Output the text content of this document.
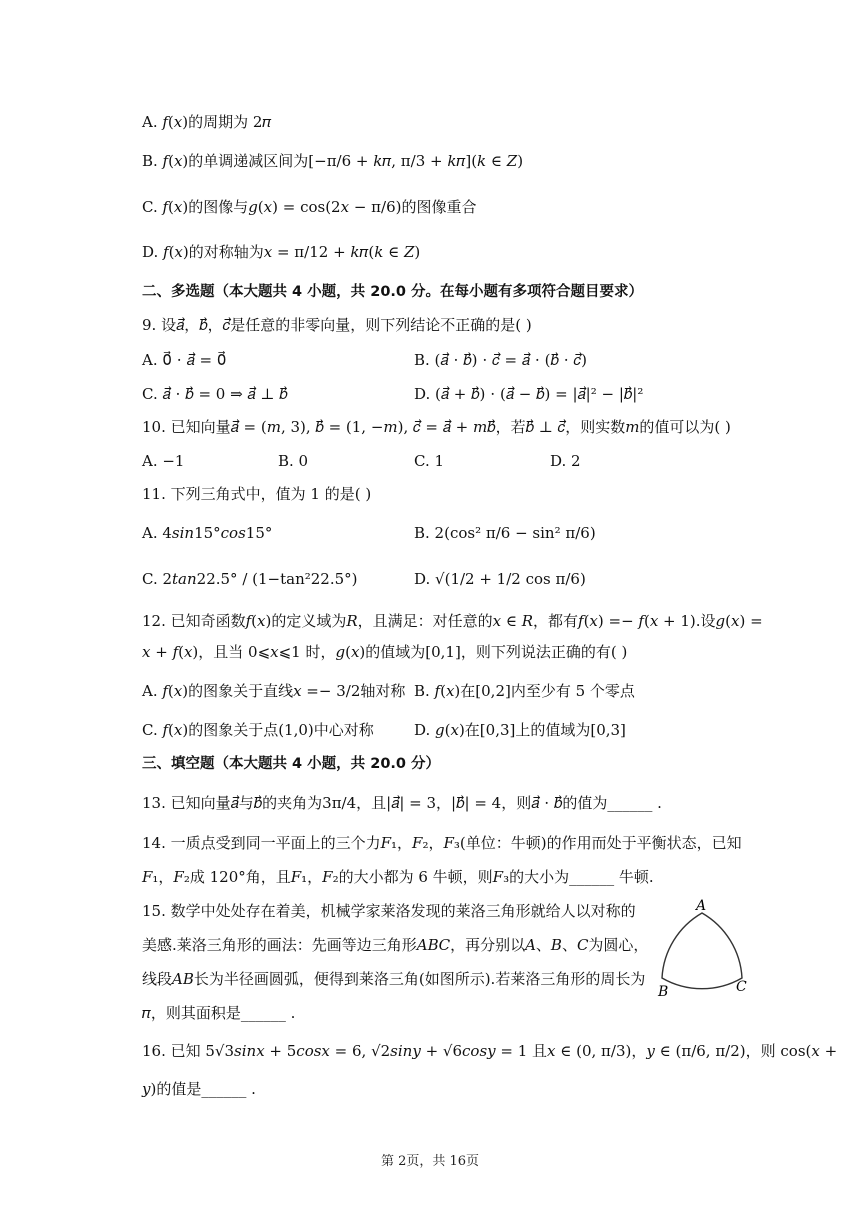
A. 𝑓(𝑥)的周期为 2𝜋
B. 𝑓(𝑥)的单调递减区间为[−π/6 + 𝑘𝜋, π/3 + 𝑘𝜋](𝑘 ∈ 𝑍)
C. 𝑓(𝑥)的图像与𝑔(𝑥) = cos(2𝑥 − π/6)的图像重合
D. 𝑓(𝑥)的对称轴为𝑥 = π/12 + 𝑘𝜋(𝑘 ∈ 𝑍)
二、多选题（本大题共 4 小题，共 20.0 分。在每小题有多项符合题目要求）
9. 设𝑎⃗，𝑏⃗，𝑐⃗是任意的非零向量，则下列结论不正确的是( )
A. 0⃗ ⋅ 𝑎⃗ = 0⃗	B. (𝑎⃗ ⋅ 𝑏⃗) ⋅ 𝑐⃗ = 𝑎⃗ ⋅ (𝑏⃗ ⋅ 𝑐⃗)
C. 𝑎⃗ ⋅ 𝑏⃗ = 0 ⇒ 𝑎⃗ ⊥ 𝑏⃗	D. (𝑎⃗ + 𝑏⃗) ⋅ (𝑎⃗ − 𝑏⃗) = |𝑎⃗|² − |𝑏⃗|²
10. 已知向量𝑎⃗ = (𝑚, 3), 𝑏⃗ = (1, −𝑚), 𝑐⃗ = 𝑎⃗ + 𝑚𝑏⃗，若𝑏⃗ ⊥ 𝑐⃗，则实数𝑚的值可以为( )
A. −1	B. 0	C. 1	D. 2
11. 下列三角式中，值为 1 的是( )
A. 4𝑠𝑖𝑛15°𝑐𝑜𝑠15°	B. 2(cos² π/6 − sin² π/6)
C. 2𝑡𝑎𝑛22.5° / (1−tan²22.5°)	D. √(1/2 + 1/2 cos π/6)
12. 已知奇函数𝑓(𝑥)的定义域为𝑅，且满足：对任意的𝑥 ∈ 𝑅，都有𝑓(𝑥) =− 𝑓(𝑥 + 1).设𝑔(𝑥) =
𝑥 + 𝑓(𝑥)，且当 0⩽𝑥⩽1 时，𝑔(𝑥)的值域为[0,1]，则下列说法正确的有( )
A. 𝑓(𝑥)的图象关于直线𝑥 =− 3/2轴对称 B. 𝑓(𝑥)在[0,2]内至少有 5 个零点
C. 𝑓(𝑥)的图象关于点(1,0)中心对称	D. 𝑔(𝑥)在[0,3]上的值域为[0,3]
三、填空题（本大题共 4 小题，共 20.0 分）
13. 已知向量𝑎⃗与𝑏⃗的夹角为3π/4，且|𝑎⃗| = 3，|𝑏⃗| = 4，则𝑎⃗ ⋅ 𝑏⃗的值为______ .
14. 一质点受到同一平面上的三个力𝐹₁，𝐹₂，𝐹₃(单位：牛顿)的作用而处于平衡状态，已知
𝐹₁，𝐹₂成 120°角，且𝐹₁，𝐹₂的大小都为 6 牛顿，则𝐹₃的大小为______ 牛顿.
15. 数学中处处存在着美，机械学家莱洛发现的莱洛三角形就给人以对称的
美感.莱洛三角形的画法：先画等边三角形𝐴𝐵𝐶，再分别以𝐴、𝐵、𝐶为圆心，
线段𝐴𝐵长为半径画圆弧，便得到莱洛三角(如图所示).若莱洛三角形的周长为
𝜋，则其面积是______ .
A
B	C
16. 已知 5√3𝑠𝑖𝑛𝑥 + 5𝑐𝑜𝑠𝑥 = 6, √2𝑠𝑖𝑛𝑦 + √6𝑐𝑜𝑠𝑦 = 1 且𝑥 ∈ (0, π/3)，𝑦 ∈ (π/6, π/2)，则 cos(𝑥 +
𝑦)的值是______ .
第 2页，共 16页
